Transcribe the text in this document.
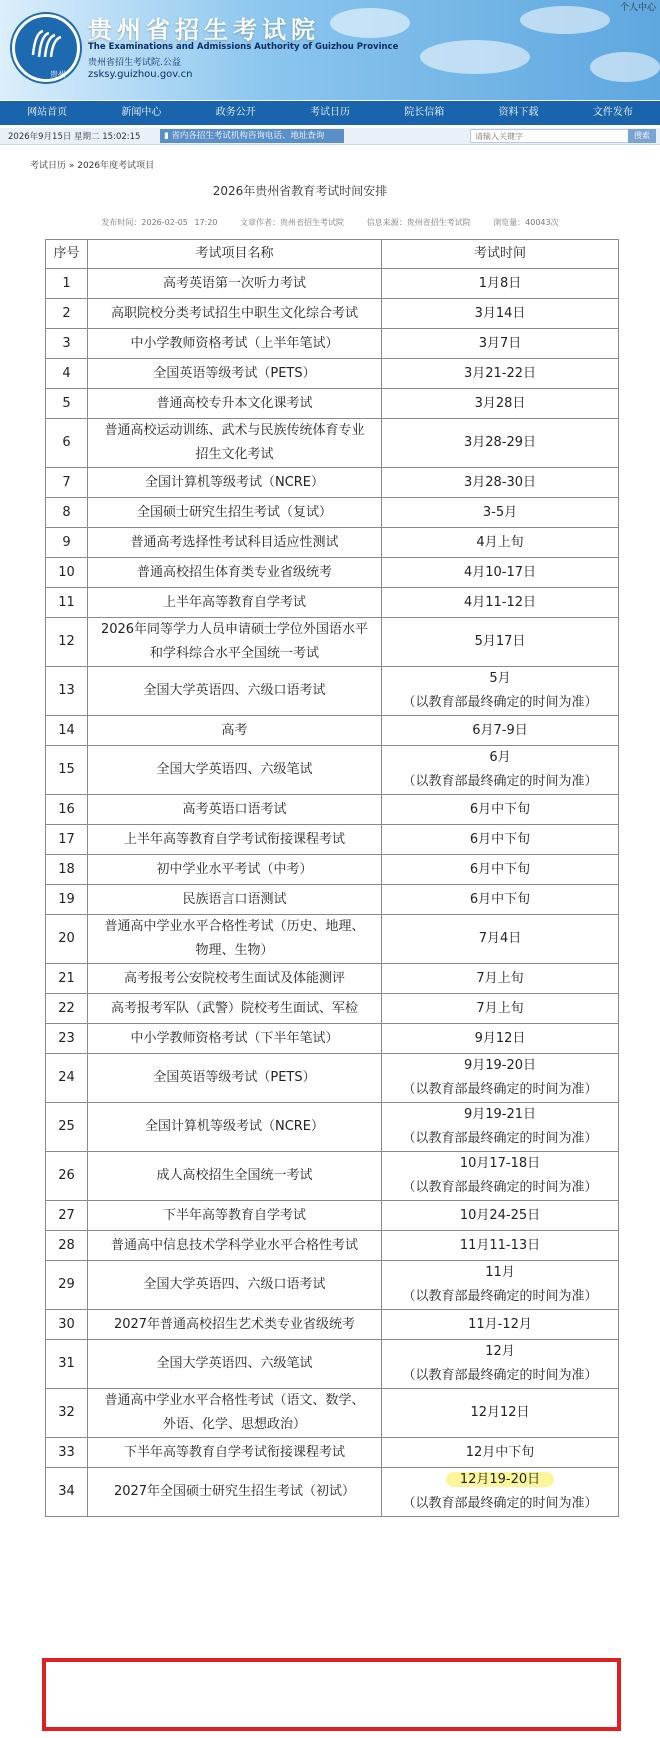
贵州
贵州省招生考试院
The Examinations and Admissions Authority of Guizhou Province
贵州省招生考试院.公益
zsksy.guizhou.gov.cn
个人中心
网站首页	新闻中心	政务公开	考试日历	院长信箱	资料下载	文件发布
2026年9月15日 星期二 15:02:15	▮ 省内各招生考试机构咨询电话、地址查询
请输入关键字	搜索
考试日历 » 2026年度考试项目
2026年贵州省教育考试时间安排
发布时间：2026-02-05 17:20	文章作者：贵州省招生考试院	信息来源：贵州省招生考试院	浏览量：40043次
序号	考试项目名称	考试时间
1	高考英语第一次听力考试	1月8日

2	高职院校分类考试招生中职生文化综合考试	3月14日

3	中小学教师资格考试（上半年笔试）	3月7日

4	全国英语等级考试（PETS）	3月21-22日

5	普通高校专升本文化课考试	3月28日

6	普通高校运动训练、武术与民族传统体育专业
招生文化考试	3月28-29日

7	全国计算机等级考试（NCRE）	3月28-30日

8	全国硕士研究生招生考试（复试）	3-5月

9	普通高考选择性考试科目适应性测试	4月上旬

10	普通高校招生体育类专业省级统考	4月10-17日

11	上半年高等教育自学考试	4月11-12日

12	2026年同等学力人员申请硕士学位外国语水平
和学科综合水平全国统一考试	5月17日

13	全国大学英语四、六级口语考试	5月
（以教育部最终确定的时间为准）

14	高考	6月7-9日

15	全国大学英语四、六级笔试	6月
（以教育部最终确定的时间为准）

16	高考英语口语考试	6月中下旬

17	上半年高等教育自学考试衔接课程考试	6月中下旬

18	初中学业水平考试（中考）	6月中下旬

19	民族语言口语测试	6月中下旬

20	普通高中学业水平合格性考试（历史、地理、
物理、生物）	7月4日

21	高考报考公安院校考生面试及体能测评	7月上旬

22	高考报考军队（武警）院校考生面试、军检	7月上旬

23	中小学教师资格考试（下半年笔试）	9月12日

24	全国英语等级考试（PETS）	9月19-20日
（以教育部最终确定的时间为准）

25	全国计算机等级考试（NCRE）	9月19-21日
（以教育部最终确定的时间为准）

26	成人高校招生全国统一考试	10月17-18日
（以教育部最终确定的时间为准）

27	下半年高等教育自学考试	10月24-25日

28	普通高中信息技术学科学业水平合格性考试	11月11-13日

29	全国大学英语四、六级口语考试	11月
（以教育部最终确定的时间为准）

30	2027年普通高校招生艺术类专业省级统考	11月-12月

31	全国大学英语四、六级笔试	12月
（以教育部最终确定的时间为准）

32	普通高中学业水平合格性考试（语文、数学、
外语、化学、思想政治）	12月12日

33	下半年高等教育自学考试衔接课程考试	12月中下旬

34	2027年全国硕士研究生招生考试（初试）	12月19-20日
（以教育部最终确定的时间为准）
